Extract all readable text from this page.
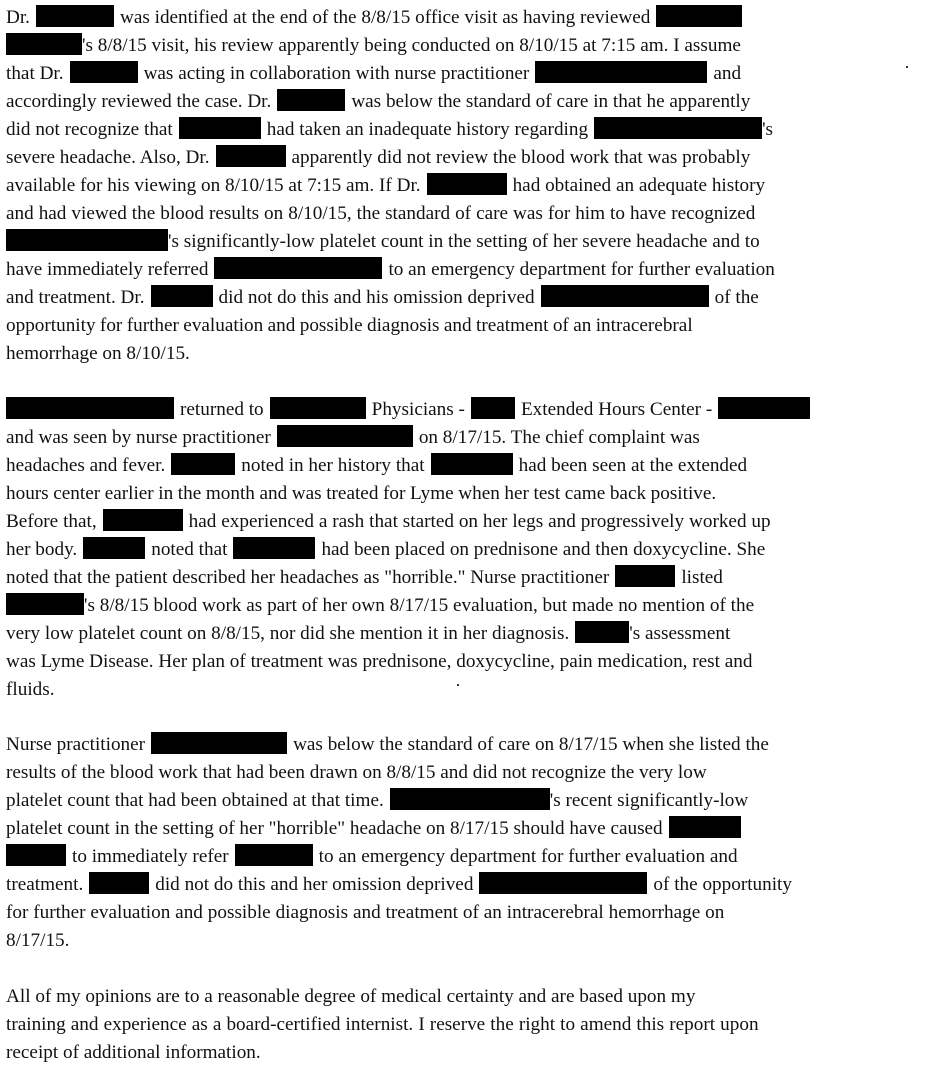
Dr.	was identified at the end of the 8/8/15 office visit as having reviewed
's 8/8/15 visit, his review apparently being conducted on 8/10/15 at 7:15 am. I assume
that Dr.	was acting in collaboration with nurse practitioner	and
accordingly reviewed the case. Dr.	was below the standard of care in that he apparently
did not recognize that	had taken an inadequate history regarding	's
severe headache. Also, Dr.	apparently did not review the blood work that was probably
available for his viewing on 8/10/15 at 7:15 am. If Dr.	had obtained an adequate history
and had viewed the blood results on 8/10/15, the standard of care was for him to have recognized
's significantly-low platelet count in the setting of her severe headache and to
have immediately referred	to an emergency department for further evaluation
and treatment. Dr.	did not do this and his omission deprived	of the
opportunity for further evaluation and possible diagnosis and treatment of an intracerebral
hemorrhage on 8/10/15.
returned to	Physicians -	Extended Hours Center -
and was seen by nurse practitioner	on 8/17/15. The chief complaint was
headaches and fever.	noted in her history that	had been seen at the extended
hours center earlier in the month and was treated for Lyme when her test came back positive.
Before that,	had experienced a rash that started on her legs and progressively worked up
her body.	noted that	had been placed on prednisone and then doxycycline. She
noted that the patient described her headaches as "horrible." Nurse practitioner	listed
's 8/8/15 blood work as part of her own 8/17/15 evaluation, but made no mention of the
very low platelet count on 8/8/15, nor did she mention it in her diagnosis.	's assessment
was Lyme Disease. Her plan of treatment was prednisone, doxycycline, pain medication, rest and
fluids.
Nurse practitioner	was below the standard of care on 8/17/15 when she listed the
results of the blood work that had been drawn on 8/8/15 and did not recognize the very low
platelet count that had been obtained at that time.	's recent significantly-low
platelet count in the setting of her "horrible" headache on 8/17/15 should have caused
to immediately refer	to an emergency department for further evaluation and
treatment.	did not do this and her omission deprived	of the opportunity
for further evaluation and possible diagnosis and treatment of an intracerebral hemorrhage on
8/17/15.
All of my opinions are to a reasonable degree of medical certainty and are based upon my
training and experience as a board-certified internist. I reserve the right to amend this report upon
receipt of additional information.
